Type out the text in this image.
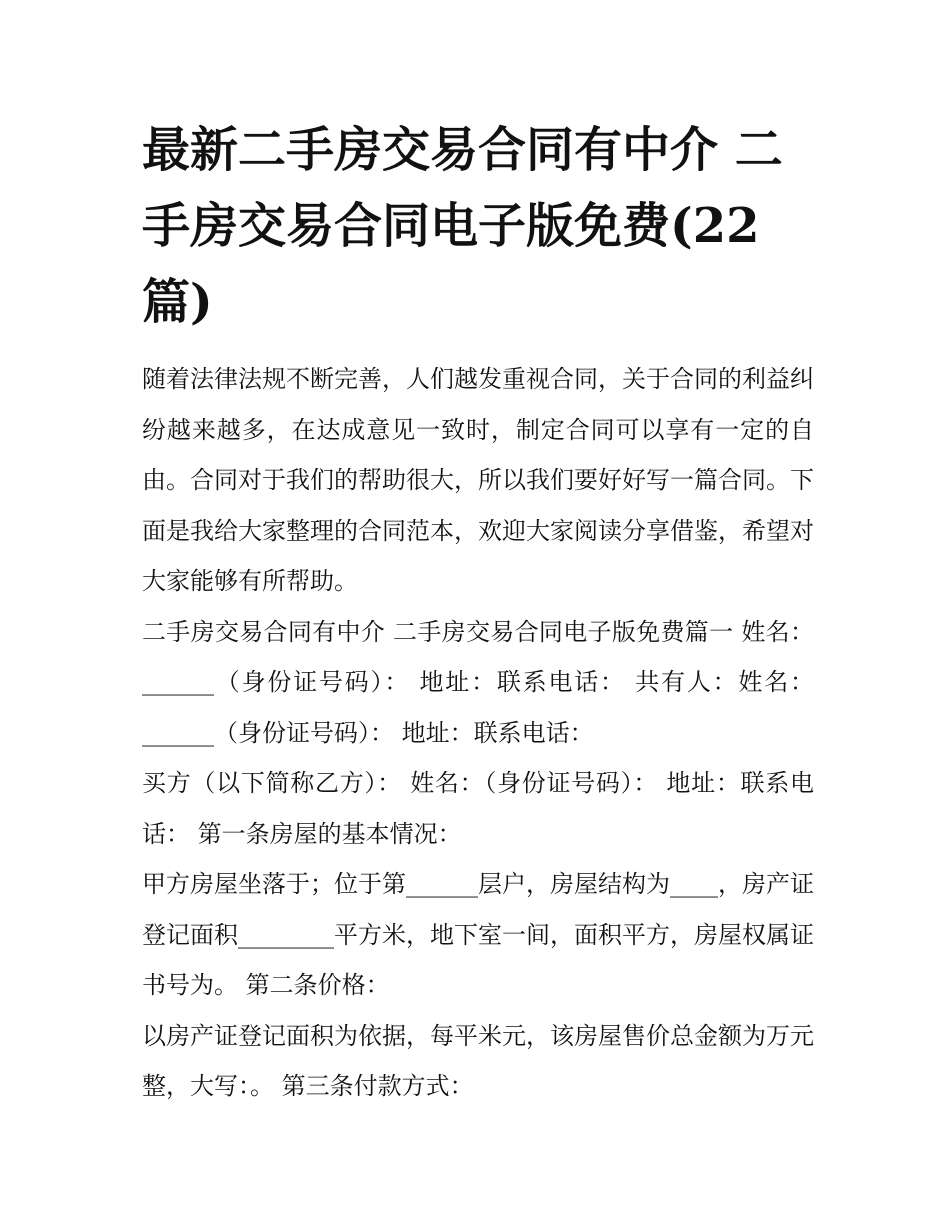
最新二手房交易合同有中介 二手房交易合同电子版免费(22篇)

随着法律法规不断完善，人们越发重视合同，关于合同的利益纠纷越来越多，在达成意见一致时，制定合同可以享有一定的自由。合同对于我们的帮助很大，所以我们要好好写一篇合同。下面是我给大家整理的合同范本，欢迎大家阅读分享借鉴，希望对大家能够有所帮助。

二手房交易合同有中介 二手房交易合同电子版免费篇一 姓名：______（身份证号码）： 地址：联系电话： 共有人：姓名：______（身份证号码）： 地址：联系电话：

买方（以下简称乙方）： 姓名：（身份证号码）： 地址：联系电话： 第一条房屋的基本情况：

甲方房屋坐落于；位于第______层户，房屋结构为____，房产证登记面积________平方米，地下室一间，面积平方，房屋权属证书号为。 第二条价格：

以房产证登记面积为依据，每平米元，该房屋售价总金额为万元整，大写：。 第三条付款方式：
